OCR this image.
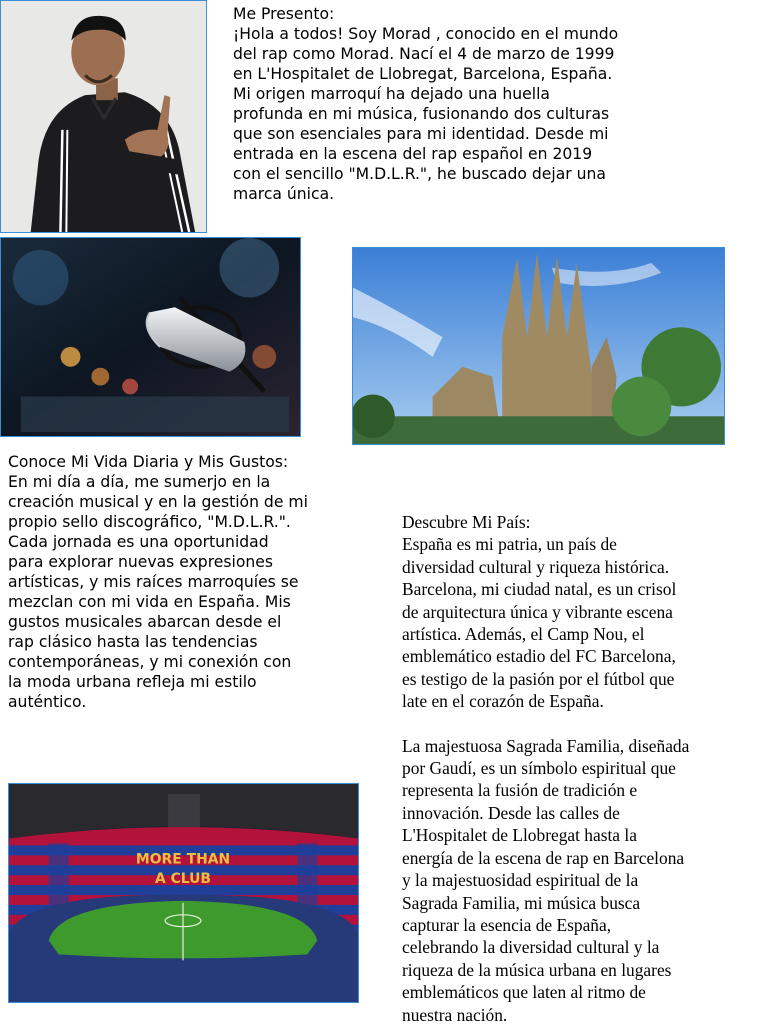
Me Presento:
¡Hola a todos! Soy Morad , conocido en el mundo
del rap como Morad. Nací el 4 de marzo de 1999
en L'Hospitalet de Llobregat, Barcelona, España.
Mi origen marroquí ha dejado una huella
profunda en mi música, fusionando dos culturas
que son esenciales para mi identidad. Desde mi
entrada en la escena del rap español en 2019
con el sencillo "M.D.L.R.", he buscado dejar una
marca única.
Conoce Mi Vida Diaria y Mis Gustos:
En mi día a día, me sumerjo en la
creación musical y en la gestión de mi
propio sello discográfico, "M.D.L.R.".
Cada jornada es una oportunidad
para explorar nuevas expresiones
artísticas, y mis raíces marroquíes se
mezclan con mi vida en España. Mis
gustos musicales abarcan desde el
rap clásico hasta las tendencias
contemporáneas, y mi conexión con
la moda urbana refleja mi estilo
auténtico.
Descubre Mi País:
España es mi patria, un país de
diversidad cultural y riqueza histórica.
Barcelona, mi ciudad natal, es un crisol
de arquitectura única y vibrante escena
artística. Además, el Camp Nou, el
emblemático estadio del FC Barcelona,
es testigo de la pasión por el fútbol que
late en el corazón de España.
La majestuosa Sagrada Familia, diseñada
por Gaudí, es un símbolo espiritual que
representa la fusión de tradición e
innovación. Desde las calles de
L'Hospitalet de Llobregat hasta la
energía de la escena de rap en Barcelona
y la majestuosidad espiritual de la
Sagrada Familia, mi música busca
capturar la esencia de España,
celebrando la diversidad cultural y la
riqueza de la música urbana en lugares
emblemáticos que laten al ritmo de
nuestra nación.
MORE THAN
A CLUB
